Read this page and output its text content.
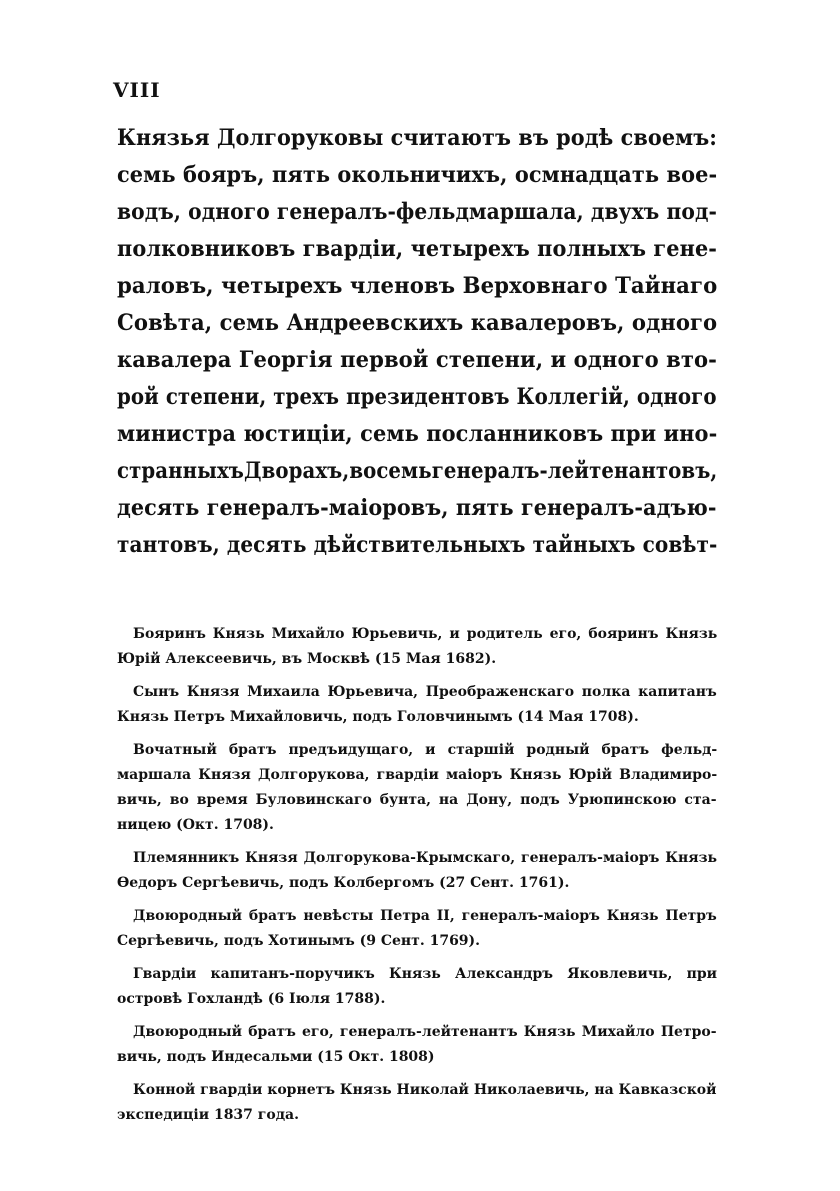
VIII
Князья Долгоруковы считаютъ въ родѣ своемъ:
семь бояръ, пять окольничихъ, осмнадцать вое-
водъ, одного генералъ-фельдмаршала, двухъ под-
полковниковъ гвардіи, четырехъ полныхъ гене-
раловъ, четырехъ членовъ Верховнаго Тайнаго
Совѣта, семь Андреевскихъ кавалеровъ, одного
кавалера Георгія первой степени, и одного вто-
рой степени, трехъ президентовъ Коллегій, одного
министра юстиціи, семь посланниковъ при ино-
странныхъДворахъ,восемьгенералъ-лейтенантовъ,
десять генералъ-маіоровъ, пять генералъ-адъю-
тантовъ, десять дѣйствительныхъ тайныхъ совѣт-
Бояринъ Князь Михайло Юрьевичь, и родитель его, бояринъ Князь
Юрій Алексеевичь, въ Москвѣ (15 Мая 1682).
Сынъ Князя Михаила Юрьевича, Преображенскаго полка капитанъ
Князь Петръ Михайловичь, подъ Головчинымъ (14 Мая 1708).
Вочатный братъ предъидущаго, и старшій родный братъ фельд-
маршала Князя Долгорукова, гвардіи маіоръ Князь Юрій Владимиро-
вичь, во время Буловинскаго бунта, на Дону, подъ Урюпинскою ста-
ницею (Окт. 1708).
Племянникъ Князя Долгорукова-Крымскаго, генералъ-маіоръ Князь
Ѳедоръ Сергѣевичь, подъ Колбергомъ (27 Сент. 1761).
Двоюродный братъ невѣсты Петра II, генералъ-маіоръ Князь Петръ
Сергѣевичь, подъ Хотинымъ (9 Сент. 1769).
Гвардіи капитанъ-поручикъ Князь Александръ Яковлевичь, при
островѣ Гохландѣ (6 Іюля 1788).
Двоюродный братъ его, генералъ-лейтенантъ Князь Михайло Петро-
вичь, подъ Индесальми (15 Окт. 1808)
Конной гвардіи корнетъ Князь Николай Николаевичь, на Кавказской
экспедиціи 1837 года.
